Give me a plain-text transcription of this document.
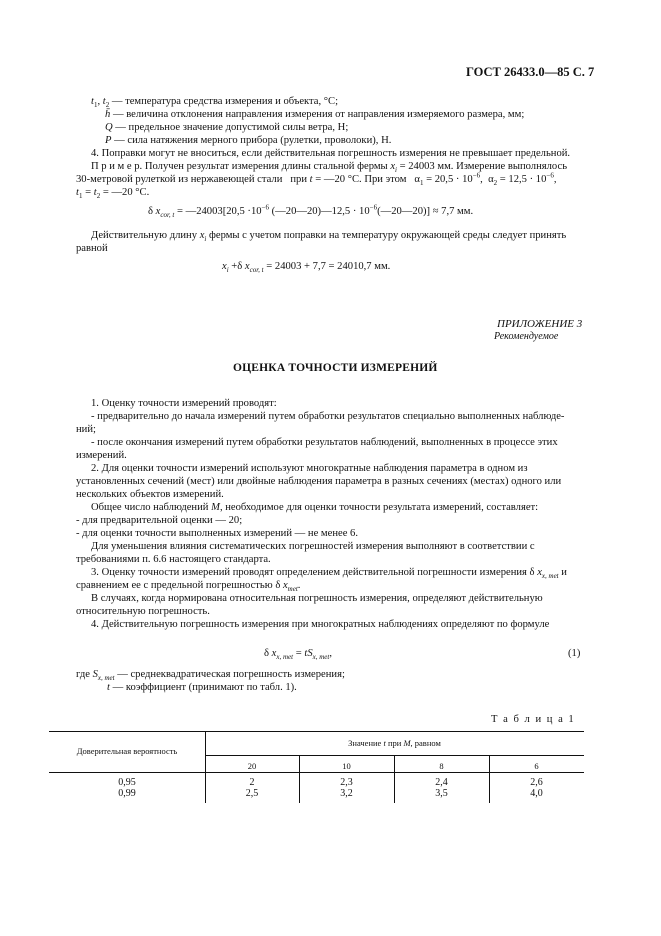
ГОСТ 26433.0—85 С. 7
$t_1$, $t_2$ — температура средства измерения и объекта, °С;
h̄ — величина отклонения направления измерения от направления измеряемого размера, мм;
Q — предельное значение допустимой силы ветра, Н;
P — сила натяжения мерного прибора (рулетки, проволоки), Н.
4. Поправки могут не вноситься, если действительная погрешность измерения не превышает предельной.
П р и м е р. Получен результат измерения длины стальной фермы $x_i = 24003$ мм. Измерение выполнялось
30-метровой рулеткой из нержавеющей стали при t = —20 °С. При этом   $\alpha_1 = 20,5 \cdot 10^{-6}$,  $\alpha_2 = 12,5 \cdot 10^{-6}$,
$t_1 = t_2$ = —20 °С.
δ $x_{cor, t}$ = —24003[20,5 $\cdot 10^{-6}$ (—20—20)—12,5 · $10^{-6}(—20—20)] \approx 7,7$ мм.
Действительную длину $x_i$ фермы с учетом поправки на температуру окружающей среды следует принять
равной
$x_i +\delta$ $x_{cor, t} = 24003 + 7,7 = 24010,7$ мм.
ПРИЛОЖЕНИЕ 3
Рекомендуемое
ОЦЕНКА ТОЧНОСТИ ИЗМЕРЕНИЙ
1. Оценку точности измерений проводят:
- предварительно до начала измерений путем обработки результатов специально выполненных наблюде-
ний;
- после окончания измерений путем обработки результатов наблюдений, выполненных в процессе этих
измерений.
2. Для оценки точности измерений используют многократные наблюдения параметра в одном из
установленных сечений (мест) или двойные наблюдения параметра в разных сечениях (местах) одного или
нескольких объектов измерений.
Общее число наблюдений M, необходимое для оценки точности результата измерений, составляет:
- для предварительной оценки — 20;
- для оценки точности выполненных измерений — не менее 6.
Для уменьшения влияния систематических погрешностей измерения выполняют в соответствии с
требованиями п. 6.6 настоящего стандарта.
3. Оценку точности измерений проводят определением действительной погрешности измерения δ $x_{x, met}$ и
сравнением ее с предельной погрешностью δ $x_{met}$.
В случаях, когда нормирована относительная погрешность измерения, определяют действительную
относительную погрешность.
4. Действительную погрешность измерения при многократных наблюдениях определяют по формуле
δ $x_{x, met} = tS_{x, met}$,	(1)
где $S_{x, met}$ — среднеквадратическая погрешность измерения;
t — коэффициент (принимают по табл. 1).
Т а б л и ц а 1
Доверительная вероятность
Значение t при M, равном
20	10	8	6
0,95	2	2,3	2,4	2,6
0,99	2,5	3,2	3,5	4,0
